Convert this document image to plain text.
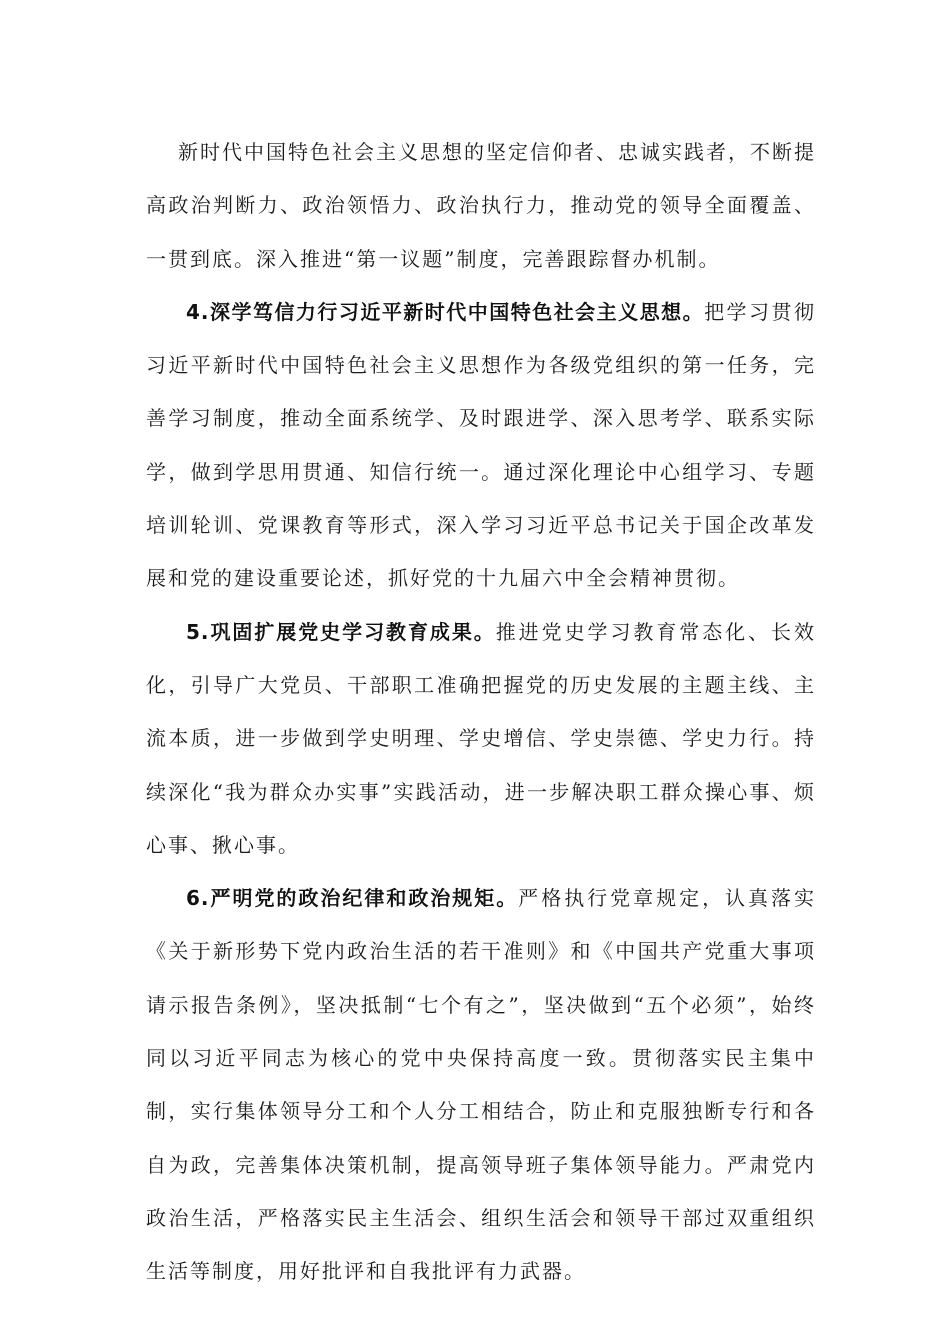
新时代中国特色社会主义思想的坚定信仰者、忠诚实践者，不断提高政治判断力、政治领悟力、政治执行力，推动党的领导全面覆盖、一贯到底。深入推进“第一议题”制度，完善跟踪督办机制。

4.深学笃信力行习近平新时代中国特色社会主义思想。把学习贯彻习近平新时代中国特色社会主义思想作为各级党组织的第一任务，完善学习制度，推动全面系统学、及时跟进学、深入思考学、联系实际学，做到学思用贯通、知信行统一。通过深化理论中心组学习、专题培训轮训、党课教育等形式，深入学习习近平总书记关于国企改革发展和党的建设重要论述，抓好党的十九届六中全会精神贯彻。

5.巩固扩展党史学习教育成果。推进党史学习教育常态化、长效化，引导广大党员、干部职工准确把握党的历史发展的主题主线、主流本质，进一步做到学史明理、学史增信、学史崇德、学史力行。持续深化“我为群众办实事”实践活动，进一步解决职工群众操心事、烦心事、揪心事。

6.严明党的政治纪律和政治规矩。严格执行党章规定，认真落实《关于新形势下党内政治生活的若干准则》和《中国共产党重大事项请示报告条例》，坚决抵制“七个有之”，坚决做到“五个必须”，始终同以习近平同志为核心的党中央保持高度一致。贯彻落实民主集中制，实行集体领导分工和个人分工相结合，防止和克服独断专行和各自为政，完善集体决策机制，提高领导班子集体领导能力。严肃党内政治生活，严格落实民主生活会、组织生活会和领导干部过双重组织生活等制度，用好批评和自我批评有力武器。
